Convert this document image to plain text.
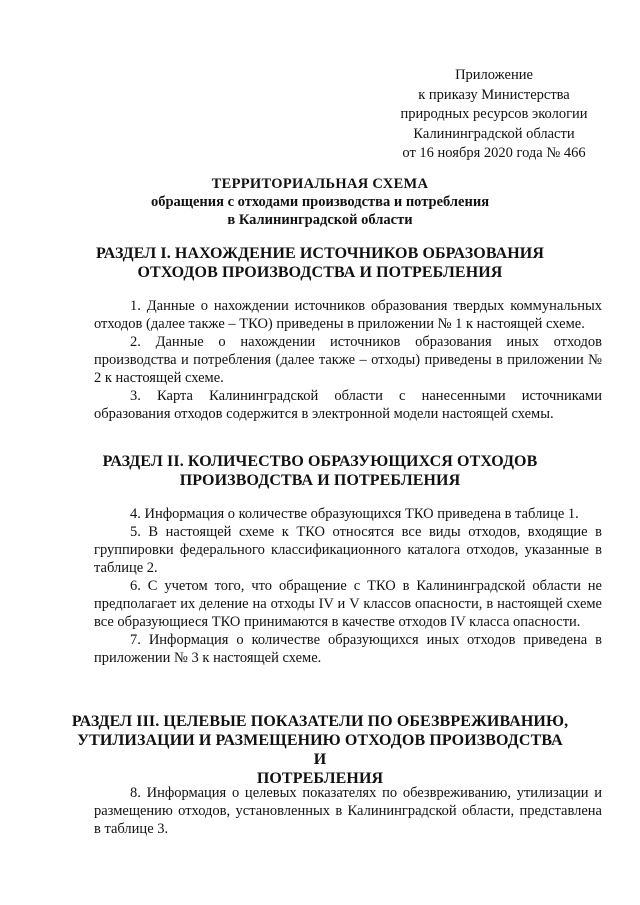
Приложение
к приказу Министерства
природных ресурсов экологии
Калининградской области
от 16 ноября 2020 года № 466
ТЕРРИТОРИАЛЬНАЯ СХЕМА
обращения с отходами производства и потребления
в Калининградской области
РАЗДЕЛ I. НАХОЖДЕНИЕ ИСТОЧНИКОВ ОБРАЗОВАНИЯ
ОТХОДОВ ПРОИЗВОДСТВА И ПОТРЕБЛЕНИЯ

1. Данные о нахождении источников образования твердых коммунальных отходов (далее также – ТКО) приведены в приложении № 1 к настоящей схеме.

2. Данные о нахождении источников образования иных отходов производства и потребления (далее также – отходы) приведены в приложении № 2 к настоящей схеме.

3. Карта Калининградской области с нанесенными источниками образования отходов содержится в электронной модели настоящей схемы.

РАЗДЕЛ II. КОЛИЧЕСТВО ОБРАЗУЮЩИХСЯ ОТХОДОВ
ПРОИЗВОДСТВА И ПОТРЕБЛЕНИЯ

4. Информация о количестве образующихся ТКО приведена в таблице 1.

5. В настоящей схеме к ТКО относятся все виды отходов, входящие в группировки федерального классификационного каталога отходов, указанные в таблице 2.

6. С учетом того, что обращение с ТКО в Калининградской области не предполагает их деление на отходы IV и V классов опасности, в настоящей схеме все образующиеся ТКО принимаются в качестве отходов IV класса опасности.

7. Информация о количестве образующихся иных отходов приведена в приложении № 3 к настоящей схеме.

РАЗДЕЛ III. ЦЕЛЕВЫЕ ПОКАЗАТЕЛИ ПО ОБЕЗВРЕЖИВАНИЮ,
УТИЛИЗАЦИИ И РАЗМЕЩЕНИЮ ОТХОДОВ ПРОИЗВОДСТВА И
ПОТРЕБЛЕНИЯ

8. Информация о целевых показателях по обезвреживанию, утилизации и размещению отходов, установленных в Калининградской области, представлена в таблице 3.
